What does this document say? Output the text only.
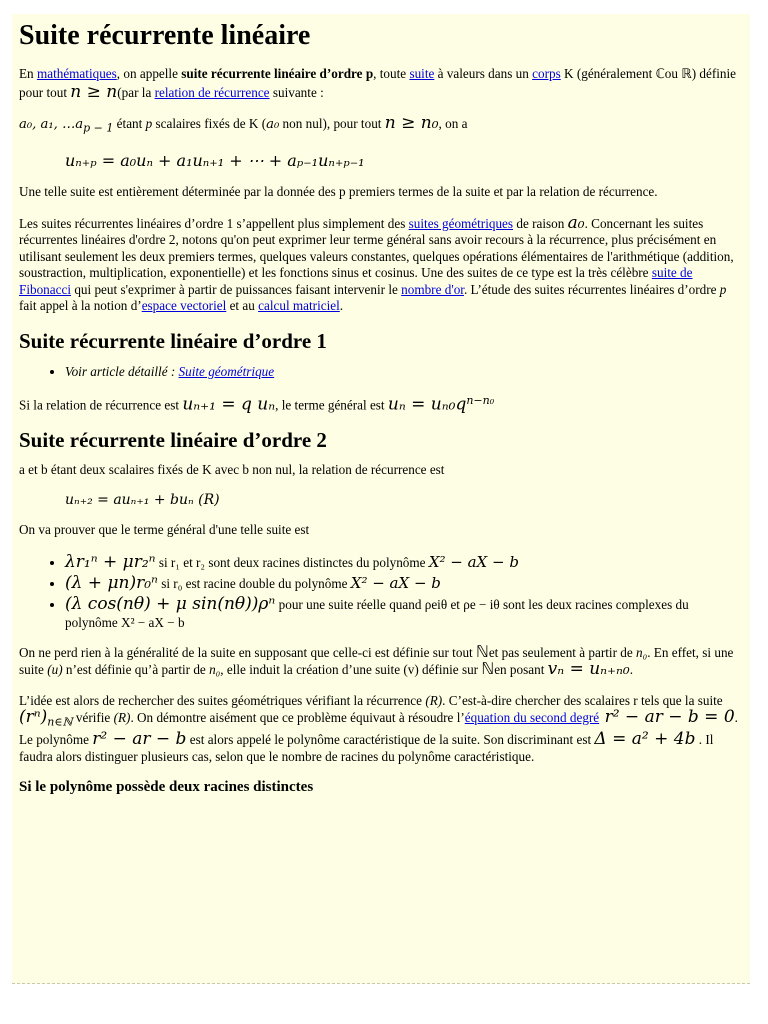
Suite récurrente linéaire

En mathématiques, on appelle suite récurrente linéaire d’ordre p, toute suite à valeurs dans un corps K (généralement ℂou ℝ) définie pour tout n ≥ n(par la relation de récurrence suivante :

a₀, a₁, $\dots a_{p - 1}$ étant p scalaires fixés de K (a₀ non nul), pour tout n ≥ n₀, on a

uₙ₊ₚ = a₀uₙ + a₁uₙ₊₁ + ⋯ + aₚ₋₁uₙ₊ₚ₋₁

Une telle suite est entièrement déterminée par la donnée des p premiers termes de la suite et par la relation de récurrence.

Les suites récurrentes linéaires d’ordre 1 s’appellent plus simplement des suites géométriques de raison a₀. Concernant les suites récurrentes linéaires d'ordre 2, notons qu'on peut exprimer leur terme général sans avoir recours à la récurrence, plus précisément en utilisant seulement les deux premiers termes, quelques valeurs constantes, quelques opérations élémentaires de l'arithmétique (addition, soustraction, multiplication, exponentielle) et les fonctions sinus et cosinus. Une des suites de ce type est la très célèbre suite de Fibonacci qui peut s'exprimer à partir de puissances faisant intervenir le nombre d'or. L’étude des suites récurrentes linéaires d’ordre p fait appel à la notion d’espace vectoriel et au calcul matriciel.

Suite récurrente linéaire d’ordre 1
• Voir article détaillé : Suite géométrique

Si la relation de récurrence est uₙ₊₁ = q uₙ, le terme général est $u_n = u_{n0}q^{n-n_0}$

Suite récurrente linéaire d’ordre 2

a et b étant deux scalaires fixés de K avec b non nul, la relation de récurrence est

uₙ₊₂ = auₙ₊₁ + buₙ (R)

On va prouver que le terme général d'une telle suite est

• λr₁ⁿ + μr₂ⁿ si r₁ et r₂ sont deux racines distinctes du polynôme X² − aX − b
• (λ + μn)r₀ⁿ si r₀ est racine double du polynôme X² − aX − b
• (λ cos(nθ) + μ sin(nθ))ρⁿ pour une suite réelle quand ρeiθ et ρe − iθ sont les deux racines complexes du polynôme X² − aX − b

On ne perd rien à la généralité de la suite en supposant que celle-ci est définie sur tout ℕet pas seulement à partir de n₀. En effet, si une suite (u) n’est définie qu’à partir de n₀, elle induit la création d’une suite (v) définie sur ℕen posant vₙ = uₙ₊ₙ₀.

L’idée est alors de rechercher des suites géométriques vérifiant la récurrence (R). C’est-à-dire chercher des scalaires r tels que la suite $(r^n)_{n\in ℕ}$ vérifie (R). On démontre aisément que ce problème équivaut à résoudre l’équation du second degré r² − ar − b = 0. Le polynôme r² − ar − b est alors appelé le polynôme caractéristique de la suite. Son discriminant est Δ = a² + 4b . Il faudra alors distinguer plusieurs cas, selon que le nombre de racines du polynôme caractéristique.

Si le polynôme possède deux racines distinctes
